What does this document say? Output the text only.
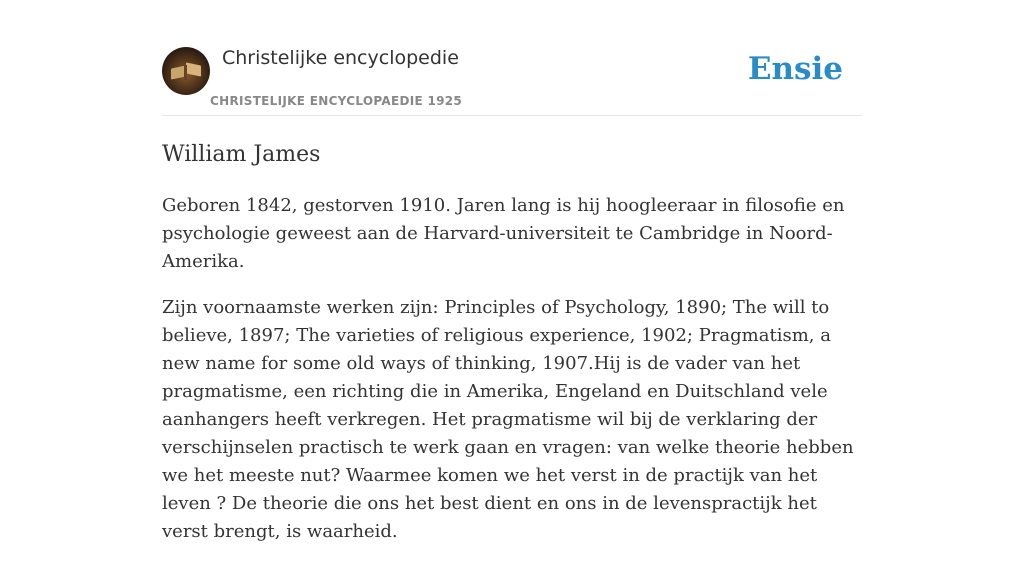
Christelijke encyclopedie
CHRISTELIJKE ENCYCLOPAEDIE 1925
Ensie
William James

Geboren 1842, gestorven 1910. Jaren lang is hij hoogleeraar in filosofie en psychologie geweest aan de Harvard-universiteit te Cambridge in Noord-Amerika.

Zijn voornaamste werken zijn: Principles of Psychology, 1890; The will to believe, 1897; The varieties of religious experience, 1902; Pragmatism, a new name for some old ways of thinking, 1907.Hij is de vader van het pragmatisme, een richting die in Amerika, Engeland en Duitschland vele aanhangers heeft verkregen. Het pragmatisme wil bij de verklaring der verschijnselen practisch te werk gaan en vragen: van welke theorie hebben we het meeste nut? Waarmee komen we het verst in de practijk van het leven ? De theorie die ons het best dient en ons in de levenspractijk het verst brengt, is waarheid.
